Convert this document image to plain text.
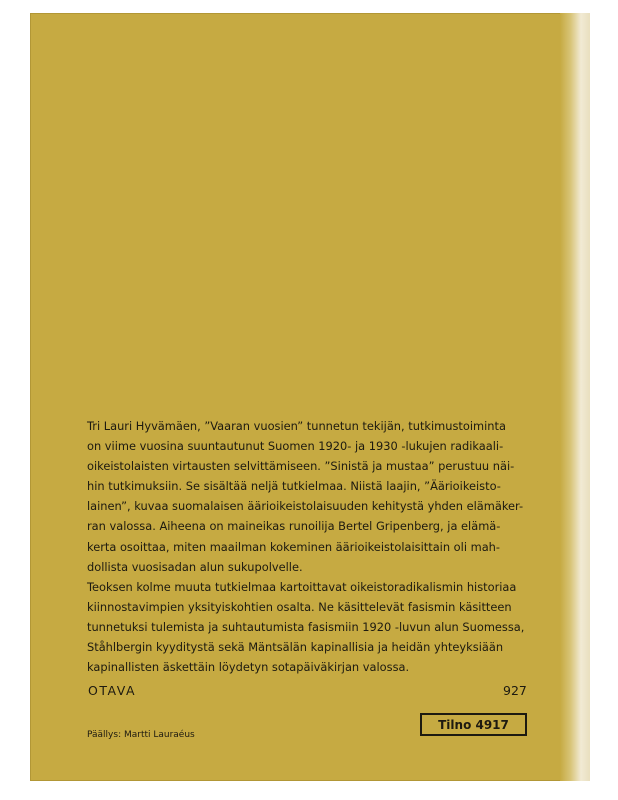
Tri Lauri Hyvämäen, ”Vaaran vuosien” tunnetun tekijän, tutkimustoiminta
on viime vuosina suuntautunut Suomen 1920- ja 1930 -lukujen radikaali-
oikeistolaisten virtausten selvittämiseen. ”Sinistä ja mustaa” perustuu näi-
hin tutkimuksiin. Se sisältää neljä tutkielmaa. Niistä laajin, ”Äärioikeisto-
lainen”, kuvaa suomalaisen äärioikeistolaisuuden kehitystä yhden elämäker-
ran valossa. Aiheena on maineikas runoilija Bertel Gripenberg, ja elämä-
kerta osoittaa, miten maailman kokeminen äärioikeistolaisittain oli mah-
dollista vuosisadan alun sukupolvelle.
Teoksen kolme muuta tutkielmaa kartoittavat oikeistoradikalismin historiaa
kiinnostavimpien yksityiskohtien osalta. Ne käsittelevät fasismin käsitteen
tunnetuksi tulemista ja suhtautumista fasismiin 1920 -luvun alun Suomessa,
Ståhlbergin kyyditystä sekä Mäntsälän kapinallisia ja heidän yhteyksiään
kapinallisten äskettäin löydetyn sotapäiväkirjan valossa.
OTAVA	927
Tilno 4917
Päällys: Martti Lauraéus
